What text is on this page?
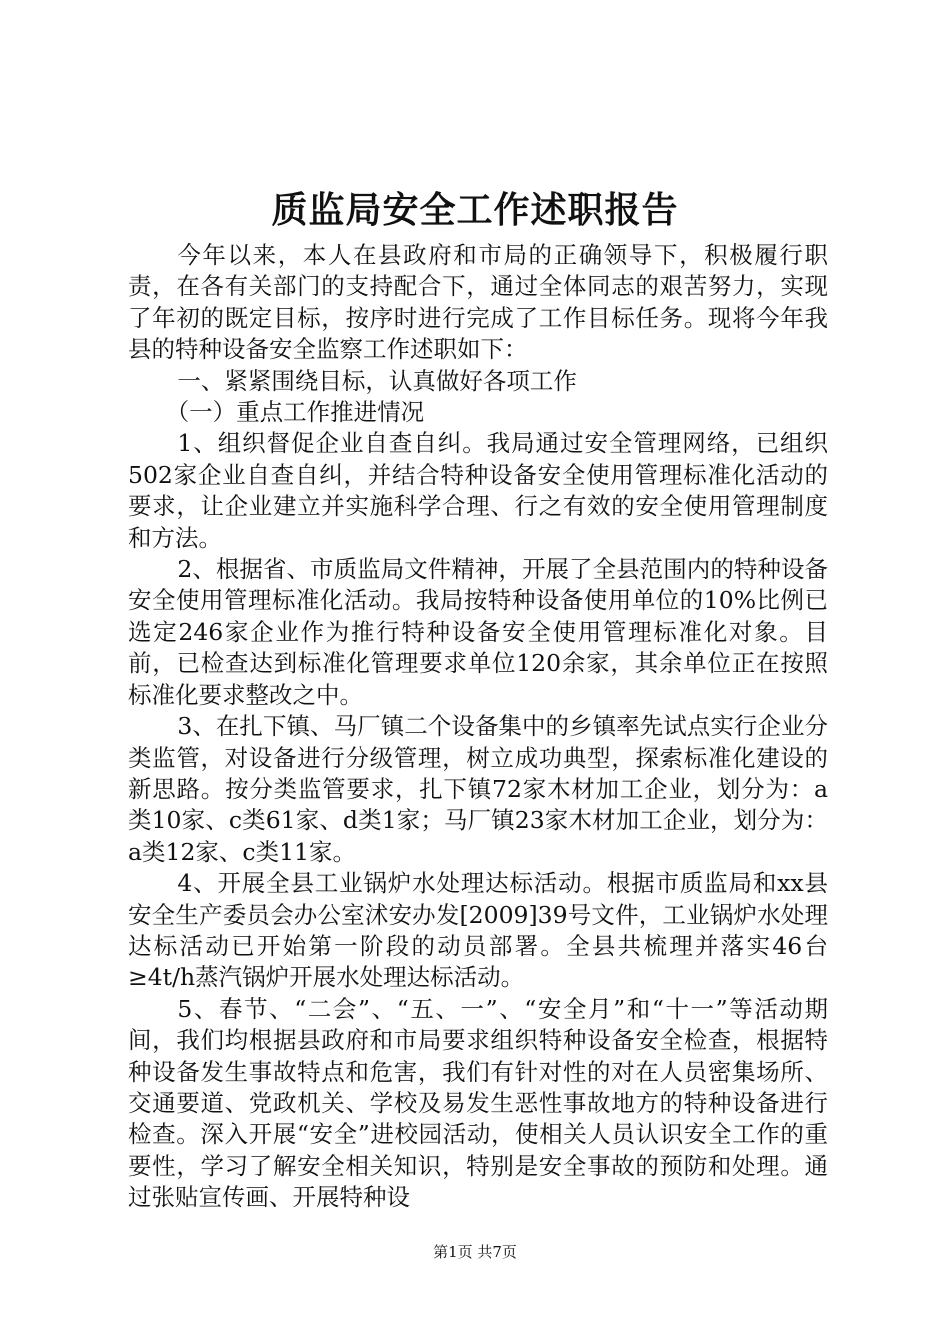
质监局安全工作述职报告

今年以来，本人在县政府和市局的正确领导下，积极履行职责，在各有关部门的支持配合下，通过全体同志的艰苦努力，实现了年初的既定目标，按序时进行完成了工作目标任务。现将今年我县的特种设备安全监察工作述职如下：

一、紧紧围绕目标，认真做好各项工作

（一）重点工作推进情况

1、组织督促企业自查自纠。我局通过安全管理网络，已组织502家企业自查自纠，并结合特种设备安全使用管理标准化活动的要求，让企业建立并实施科学合理、行之有效的安全使用管理制度和方法。

2、根据省、市质监局文件精神，开展了全县范围内的特种设备安全使用管理标准化活动。我局按特种设备使用单位的10%比例已选定246家企业作为推行特种设备安全使用管理标准化对象。目前，已检查达到标准化管理要求单位120余家，其余单位正在按照标准化要求整改之中。

3、在扎下镇、马厂镇二个设备集中的乡镇率先试点实行企业分类监管，对设备进行分级管理，树立成功典型，探索标准化建设的新思路。按分类监管要求，扎下镇72家木材加工企业，划分为：a类10家、c类61家、d类1家；马厂镇23家木材加工企业，划分为：a类12家、c类11家。

4、开展全县工业锅炉水处理达标活动。根据市质监局和xx县安全生产委员会办公室沭安办发[2009]39号文件，工业锅炉水处理达标活动已开始第一阶段的动员部署。全县共梳理并落实46台≥4t/h蒸汽锅炉开展水处理达标活动。

5、春节、“二会”、“五、一”、“安全月”和“十一”等活动期间，我们均根据县政府和市局要求组织特种设备安全检查，根据特种设备发生事故特点和危害，我们有针对性的对在人员密集场所、交通要道、党政机关、学校及易发生恶性事故地方的特种设备进行检查。深入开展“安全”进校园活动，使相关人员认识安全工作的重要性，学习了解安全相关知识，特别是安全事故的预防和处理。通过张贴宣传画、开展特种设

第1页 共7页
